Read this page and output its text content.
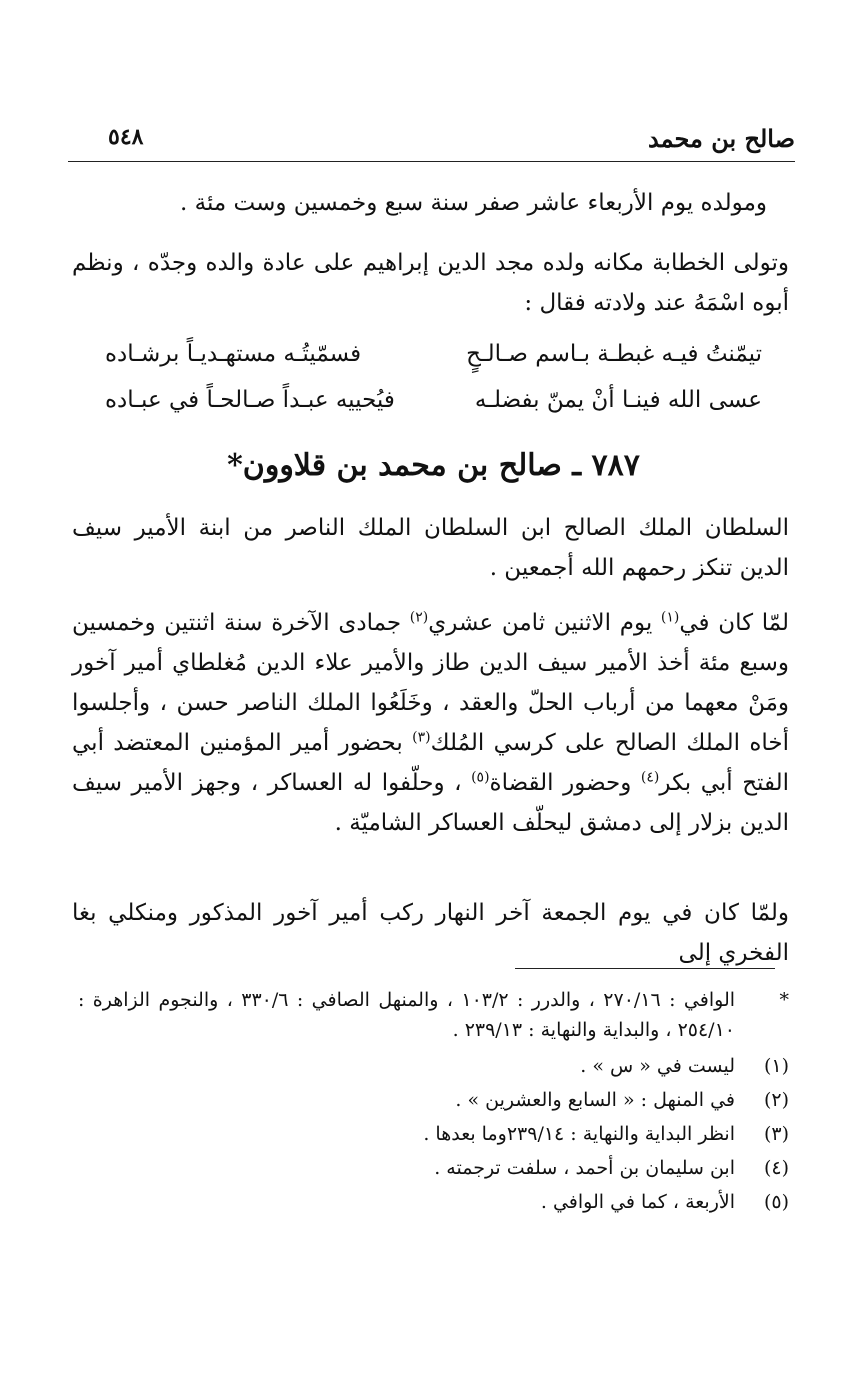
صالح بن محمد
٥٤٨
ومولده يوم الأربعاء عاشر صفر سنة سبع وخمسين وست مئة .
وتولى الخطابة مكانه ولده مجد الدين إبراهيم على عادة والده وجدّه ، ونظم أبوه اسْمَهُ عند ولادته فقال :
تيمّنتُ فيـه غبطـة بـاسم صـالـحٍ
فسمّيتُـه مستهـديـاً برشـاده
عسى الله فينـا أنْ يمنّ بفضلـه
فيُحييه عبـداً صـالحـاً في عبـاده
٧٨٧ ـ صالح بن محمد بن قلاوون*
السلطان الملك الصالح ابن السلطان الملك الناصر من ابنة الأمير سيف الدين تنكز رحمهم الله أجمعين .
لمّا كان في$^{(١)}$ يوم الاثنين ثامن عشري$^{(٢)}$ جمادى الآخرة سنة اثنتين وخمسين وسبع مئة أخذ الأمير سيف الدين طاز والأمير علاء الدين مُغلطاي أمير آخور ومَنْ معهما من أرباب الحلّ والعقد ، وخَلَعُوا الملك الناصر حسن ، وأجلسوا أخاه الملك الصالح على كرسي المُلك$^{(٣)}$ بحضور أمير المؤمنين المعتضد أبي الفتح أبي بكر$^{(٤)}$ وحضور القضاة$^{(٥)}$ ، وحلّفوا له العساكر ، وجهز الأمير سيف الدين بزلار إلى دمشق ليحلّف العساكر الشاميّة .
ولمّا كان في يوم الجمعة آخر النهار ركب أمير آخور المذكور ومنكلي بغا الفخري إلى
*
الوافي : ٢٧٠/١٦ ، والدرر : ١٠٣/٢ ، والمنهل الصافي : ٣٣٠/٦ ، والنجوم الزاهرة : ٢٥٤/١٠ ، والبداية والنهاية : ٢٣٩/١٣ .
(١)
ليست في « س » .
(٢)
في المنهل : « السابع والعشرين » .
(٣)
انظر البداية والنهاية : ٢٣٩/١٤وما بعدها .
(٤)
ابن سليمان بن أحمد ، سلفت ترجمته .
(٥)
الأربعة ، كما في الوافي .
